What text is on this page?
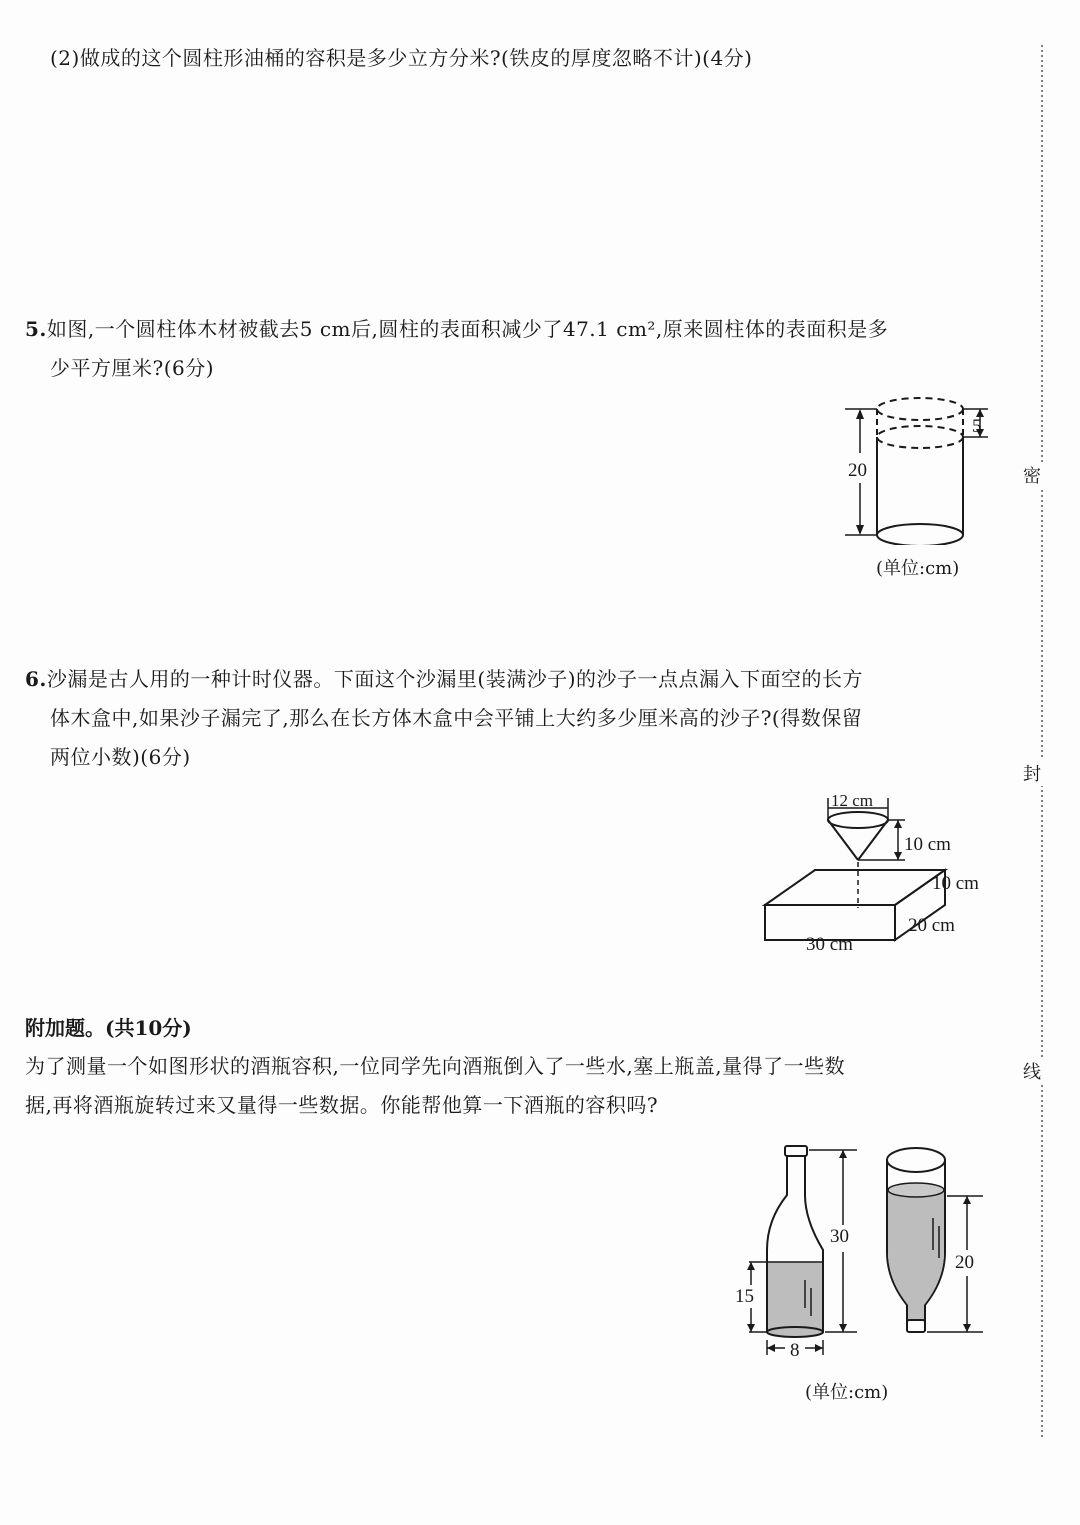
(2)做成的这个圆柱形油桶的容积是多少立方分米?(铁皮的厚度忽略不计)(4分)
5.如图,一个圆柱体木材被截去5 cm后,圆柱的表面积减少了47.1 cm²,原来圆柱体的表面积是多
少平方厘米?(6分)
20
5
(单位:cm)
6.沙漏是古人用的一种计时仪器。下面这个沙漏里(装满沙子)的沙子一点点漏入下面空的长方
体木盒中,如果沙子漏完了,那么在长方体木盒中会平铺上大约多少厘米高的沙子?(得数保留
两位小数)(6分)
12 cm
10 cm
10 cm
20 cm
30 cm
附加题。(共10分)
为了测量一个如图形状的酒瓶容积,一位同学先向酒瓶倒入了一些水,塞上瓶盖,量得了一些数
据,再将酒瓶旋转过来又量得一些数据。你能帮他算一下酒瓶的容积吗?
30
15
8
20
(单位:cm)
密
封
线
